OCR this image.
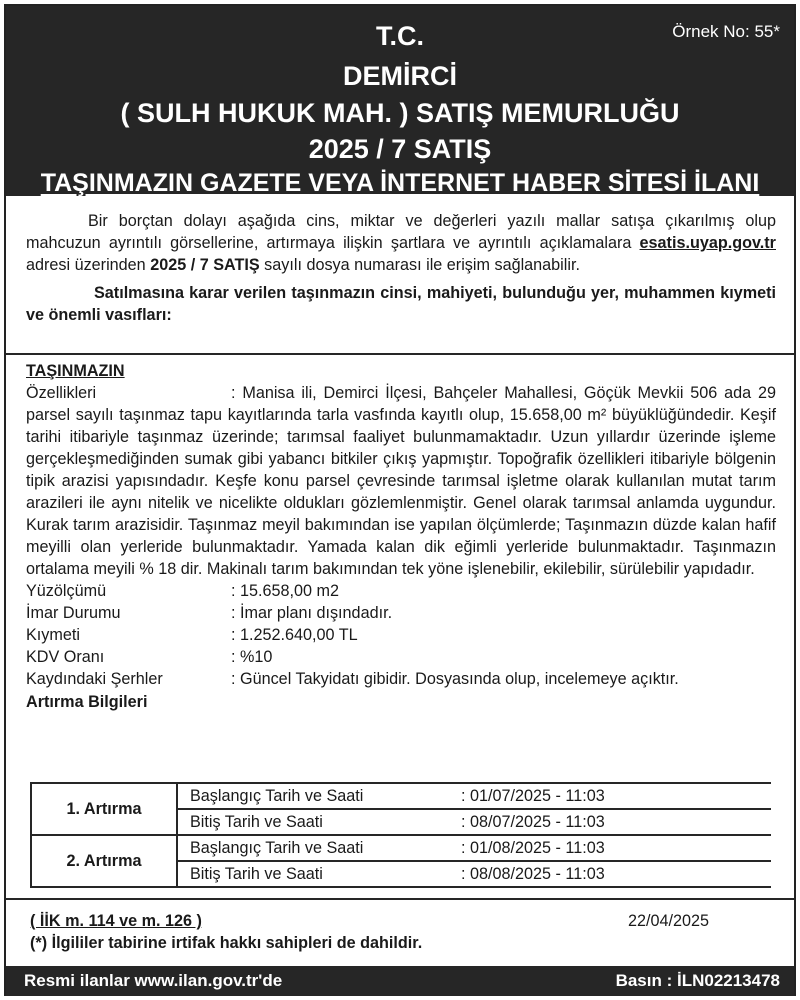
Örnek No: 55*
T.C.
DEMİRCİ
( SULH HUKUK MAH. ) SATIŞ MEMURLUĞU
2025 / 7 SATIŞ
TAŞINMAZIN GAZETE VEYA İNTERNET HABER SİTESİ İLANI

Bir borçtan dolayı aşağıda cins, miktar ve değerleri yazılı mallar satışa çıkarılmış olup mahcuzun ayrıntılı görsellerine, artırmaya ilişkin şartlara ve ayrıntılı açıklamalara esatis.uyap.gov.tr adresi üzerinden 2025 / 7 SATIŞ sayılı dosya numarası ile erişim sağlanabilir.

Satılmasına karar verilen taşınmazın cinsi, mahiyeti, bulunduğu yer, muhammen kıymeti ve önemli vasıfları:

TAŞINMAZIN
Özellikleri	: Manisa ili, Demirci İlçesi, Bahçeler Mahallesi, Göçük Mevkii 506 ada 29 parsel sayılı taşınmaz tapu kayıtlarında tarla vasfında kayıtlı olup, 15.658,00 m² büyüklüğündedir. Keşif tarihi itibariyle taşınmaz üzerinde; tarımsal faaliyet bulunmamaktadır. Uzun yıllardır üzerinde işleme gerçekleşmediğinden sumak gibi yabancı bitkiler çıkış yapmıştır. Topoğrafik özellikleri itibariyle bölgenin tipik arazisi yapısındadır. Keşfe konu parsel çevresinde tarımsal işletme olarak kullanılan mutat tarım arazileri ile aynı nitelik ve nicelikte oldukları gözlemlenmiştir. Genel olarak tarımsal anlamda uygundur. Kurak tarım arazisidir. Taşınmaz meyil bakımından ise yapılan ölçümlerde; Taşınmazın düzde kalan hafif meyilli olan yerleride bulunmaktadır. Yamada kalan dik eğimli yerleride bulunmaktadır. Taşınmazın ortalama meyili % 18 dir. Makinalı tarım bakımından tek yöne işlenebilir, ekilebilir, sürülebilir yapıdadır.
Yüzölçümü	: 15.658,00 m2
İmar Durumu	: İmar planı dışındadır.
Kıymeti	: 1.252.640,00 TL
KDV Oranı	: %10
Kaydındaki Şerhler	: Güncel Takyidatı gibidir. Dosyasında olup, incelemeye açıktır.
Artırma Bilgileri
1. Artırma	Başlangıç Tarih ve Saati	: 01/07/2025 - 11:03
	Bitiş Tarih ve Saati	: 08/07/2025 - 11:03
2. Artırma	Başlangıç Tarih ve Saati	: 01/08/2025 - 11:03
	Bitiş Tarih ve Saati	: 08/08/2025 - 11:03
( İİK m. 114 ve m. 126 )	22/04/2025
(*) İlgililer tabirine irtifak hakkı sahipleri de dahildir.
Resmi ilanlar www.ilan.gov.tr'de	Basın : İLN02213478
